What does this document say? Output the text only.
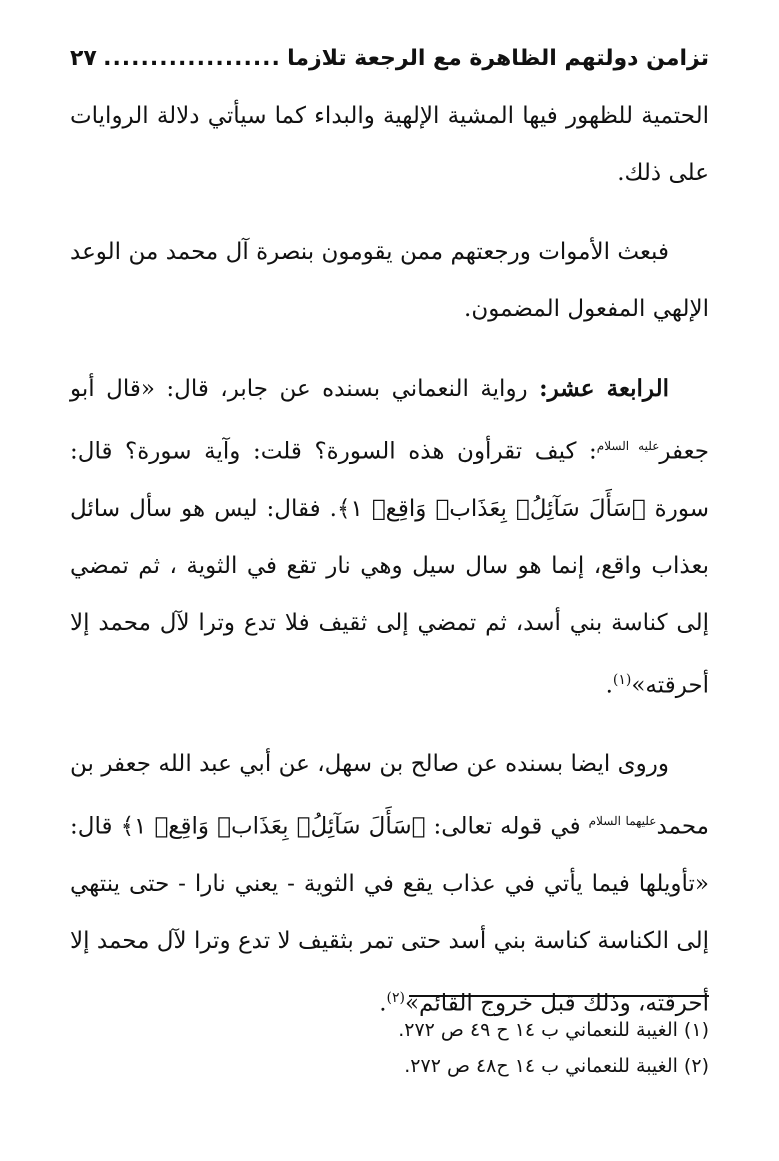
تزامن دولتهم الظاهرة مع الرجعة تلازما
...................
٢٧

الحتمية للظهور فيها المشية الإلهية والبداء كما سيأتي دلالة الروايات على ذلك.

فبعث الأموات ورجعتهم ممن يقومون بنصرة آل محمد من الوعد الإلهي المفعول المضمون.

الرابعة عشر: رواية النعماني بسنده عن جابر، قال: «قال أبو جعفر$^{عليه السلام}$: كيف تقرأون هذه السورة؟ قلت: وآية سورة؟ قال: سورة ﴿سَأَلَ سَآئِلُۢ بِعَذَابٖ وَاقِعٖ ١﴾. فقال: ليس هو سأل سائل بعذاب واقع، إنما هو سال سيل وهي نار تقع في الثوية ، ثم تمضي إلى كناسة بني أسد، ثم تمضي إلى ثقيف فلا تدع وترا لآل محمد إلا أحرقته»$^{(١)}$.

وروى ايضا بسنده عن صالح بن سهل، عن أبي عبد الله جعفر بن محمد$^{عليهما السلام}$ في قوله تعالى: ﴿سَأَلَ سَآئِلُۢ بِعَذَابٖ وَاقِعٖ ١﴾ قال: «تأويلها فيما يأتي في عذاب يقع في الثوية - يعني نارا - حتى ينتهي إلى الكناسة كناسة بني أسد حتى تمر بثقيف لا تدع وترا لآل محمد إلا أحرقته، وذلك قبل خروج القائم»$^{(٢)}$.

(١) الغيبة للنعماني ب ١٤ ح ٤٩ ص ٢٧٢.
(٢) الغيبة للنعماني ب ١٤ ح٤٨ ص ٢٧٢.
